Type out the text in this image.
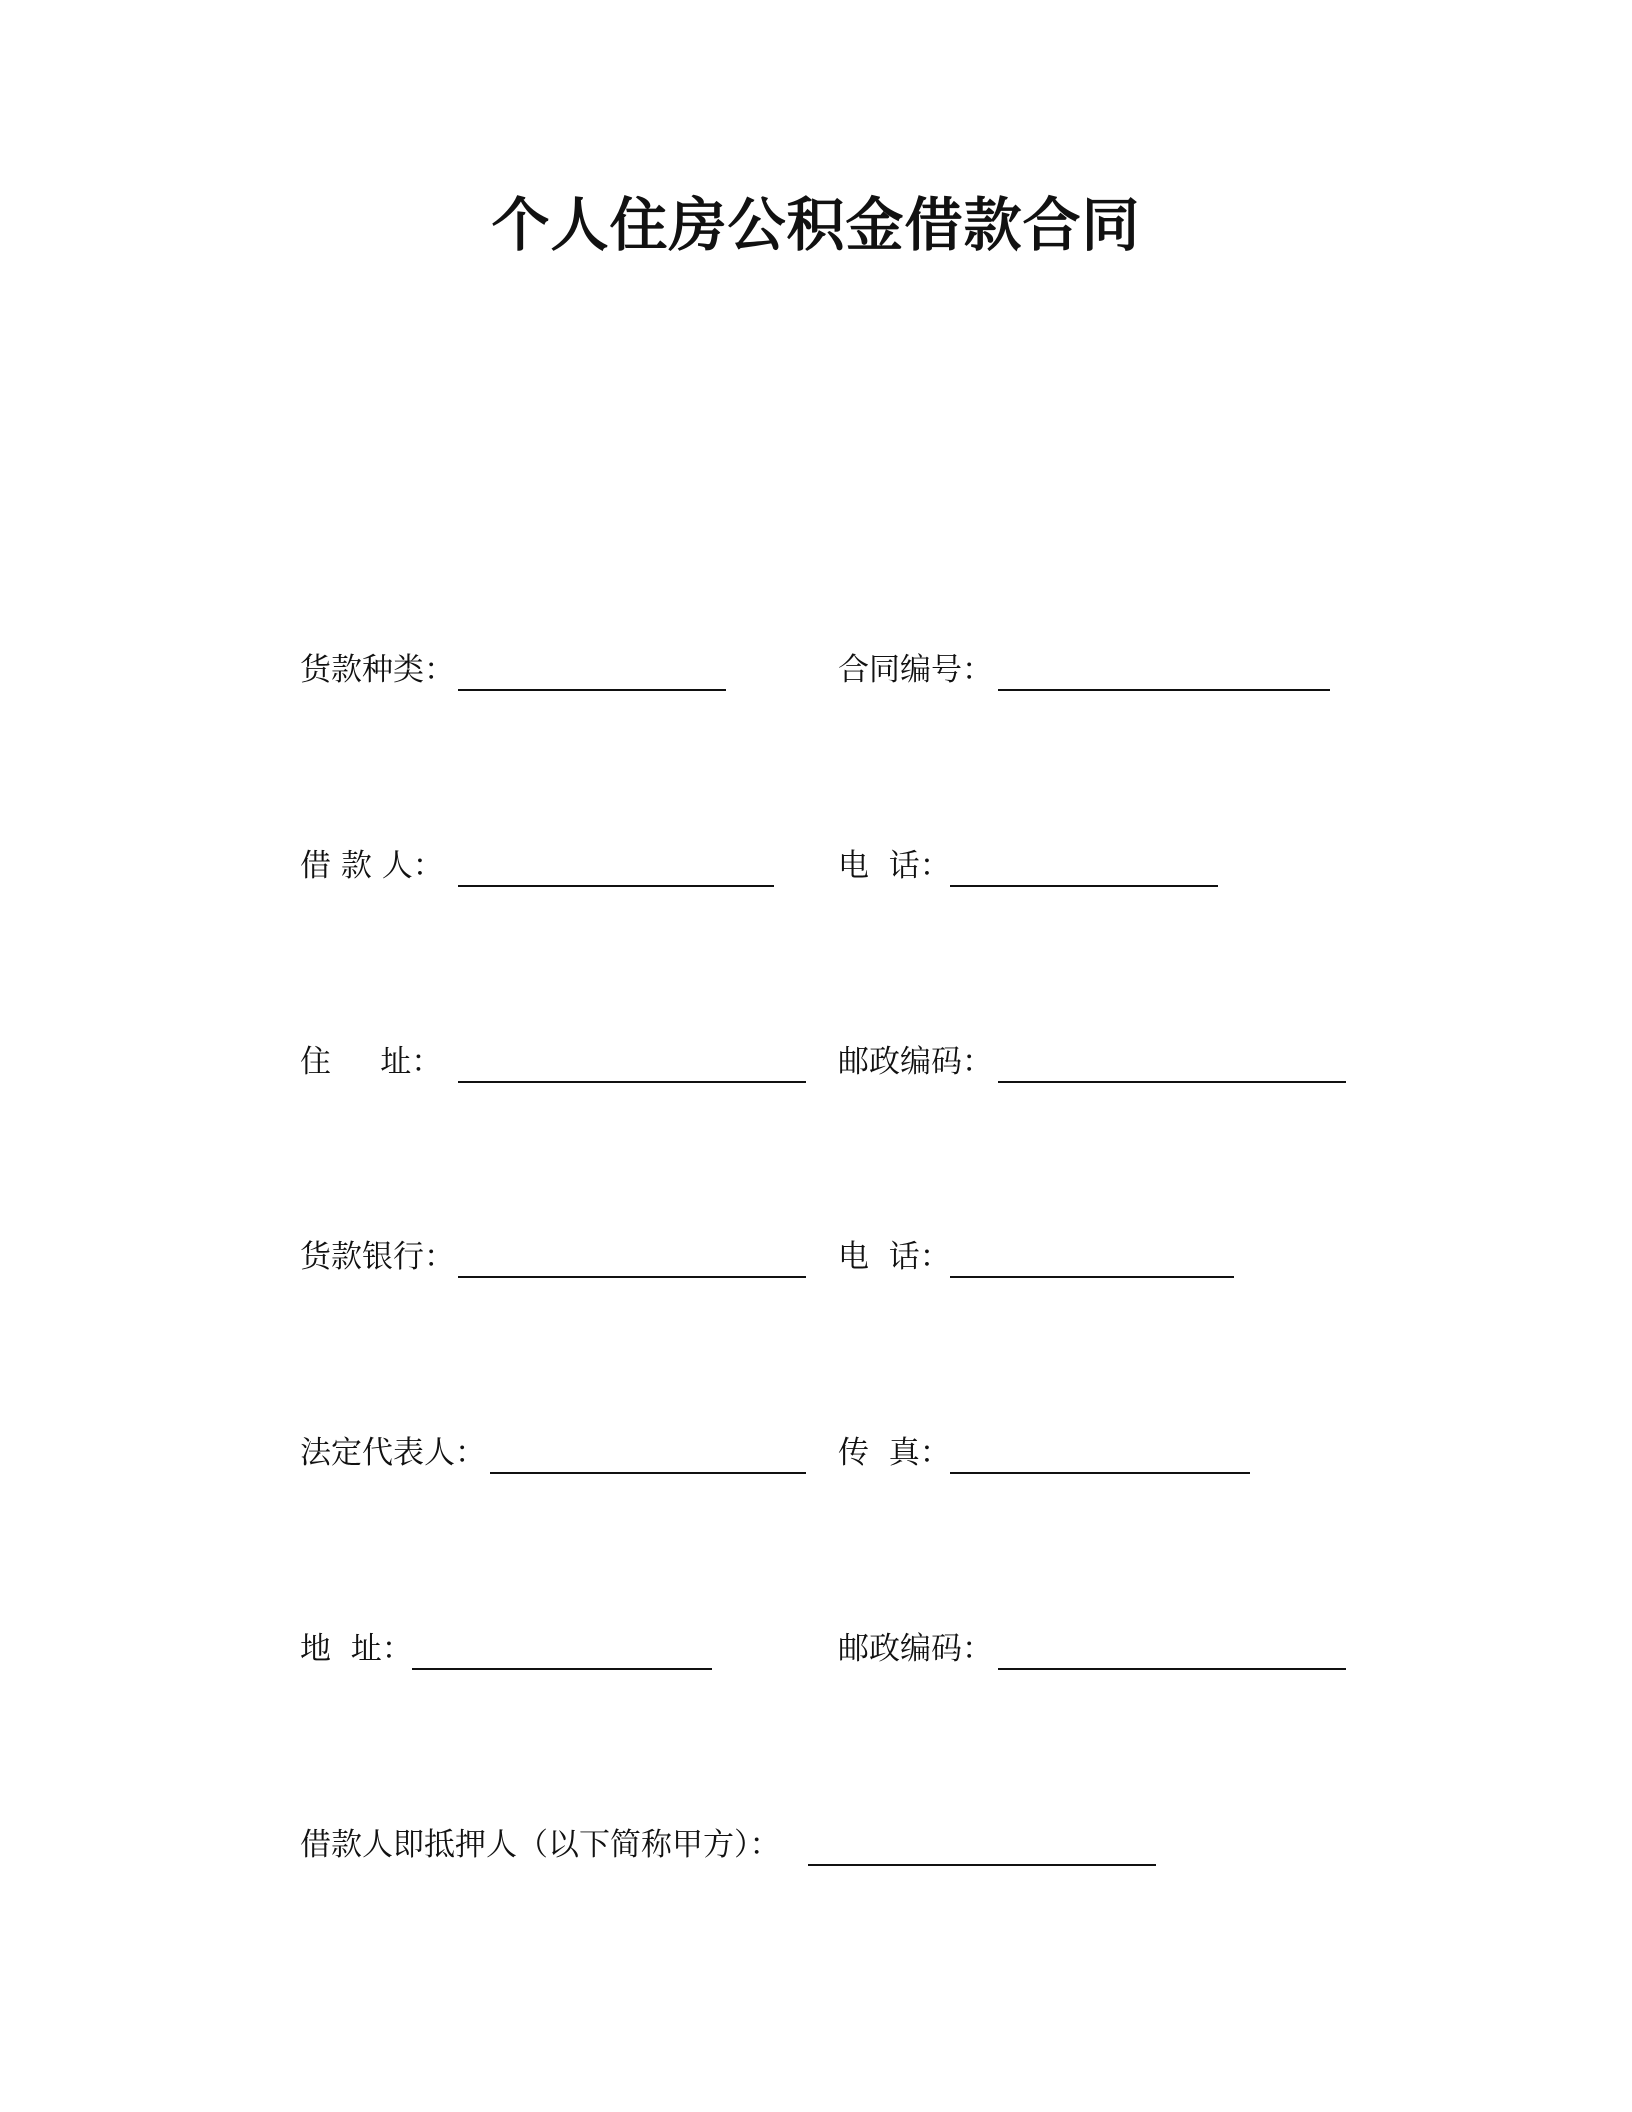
个人住房公积金借款合同
货款种类：	合同编号：
借 款 人：	电  话：
住     址：	邮政编码：
货款银行：	电  话：
法定代表人：	传  真：
地  址：	邮政编码：
借款人即抵押人（以下简称甲方）：
